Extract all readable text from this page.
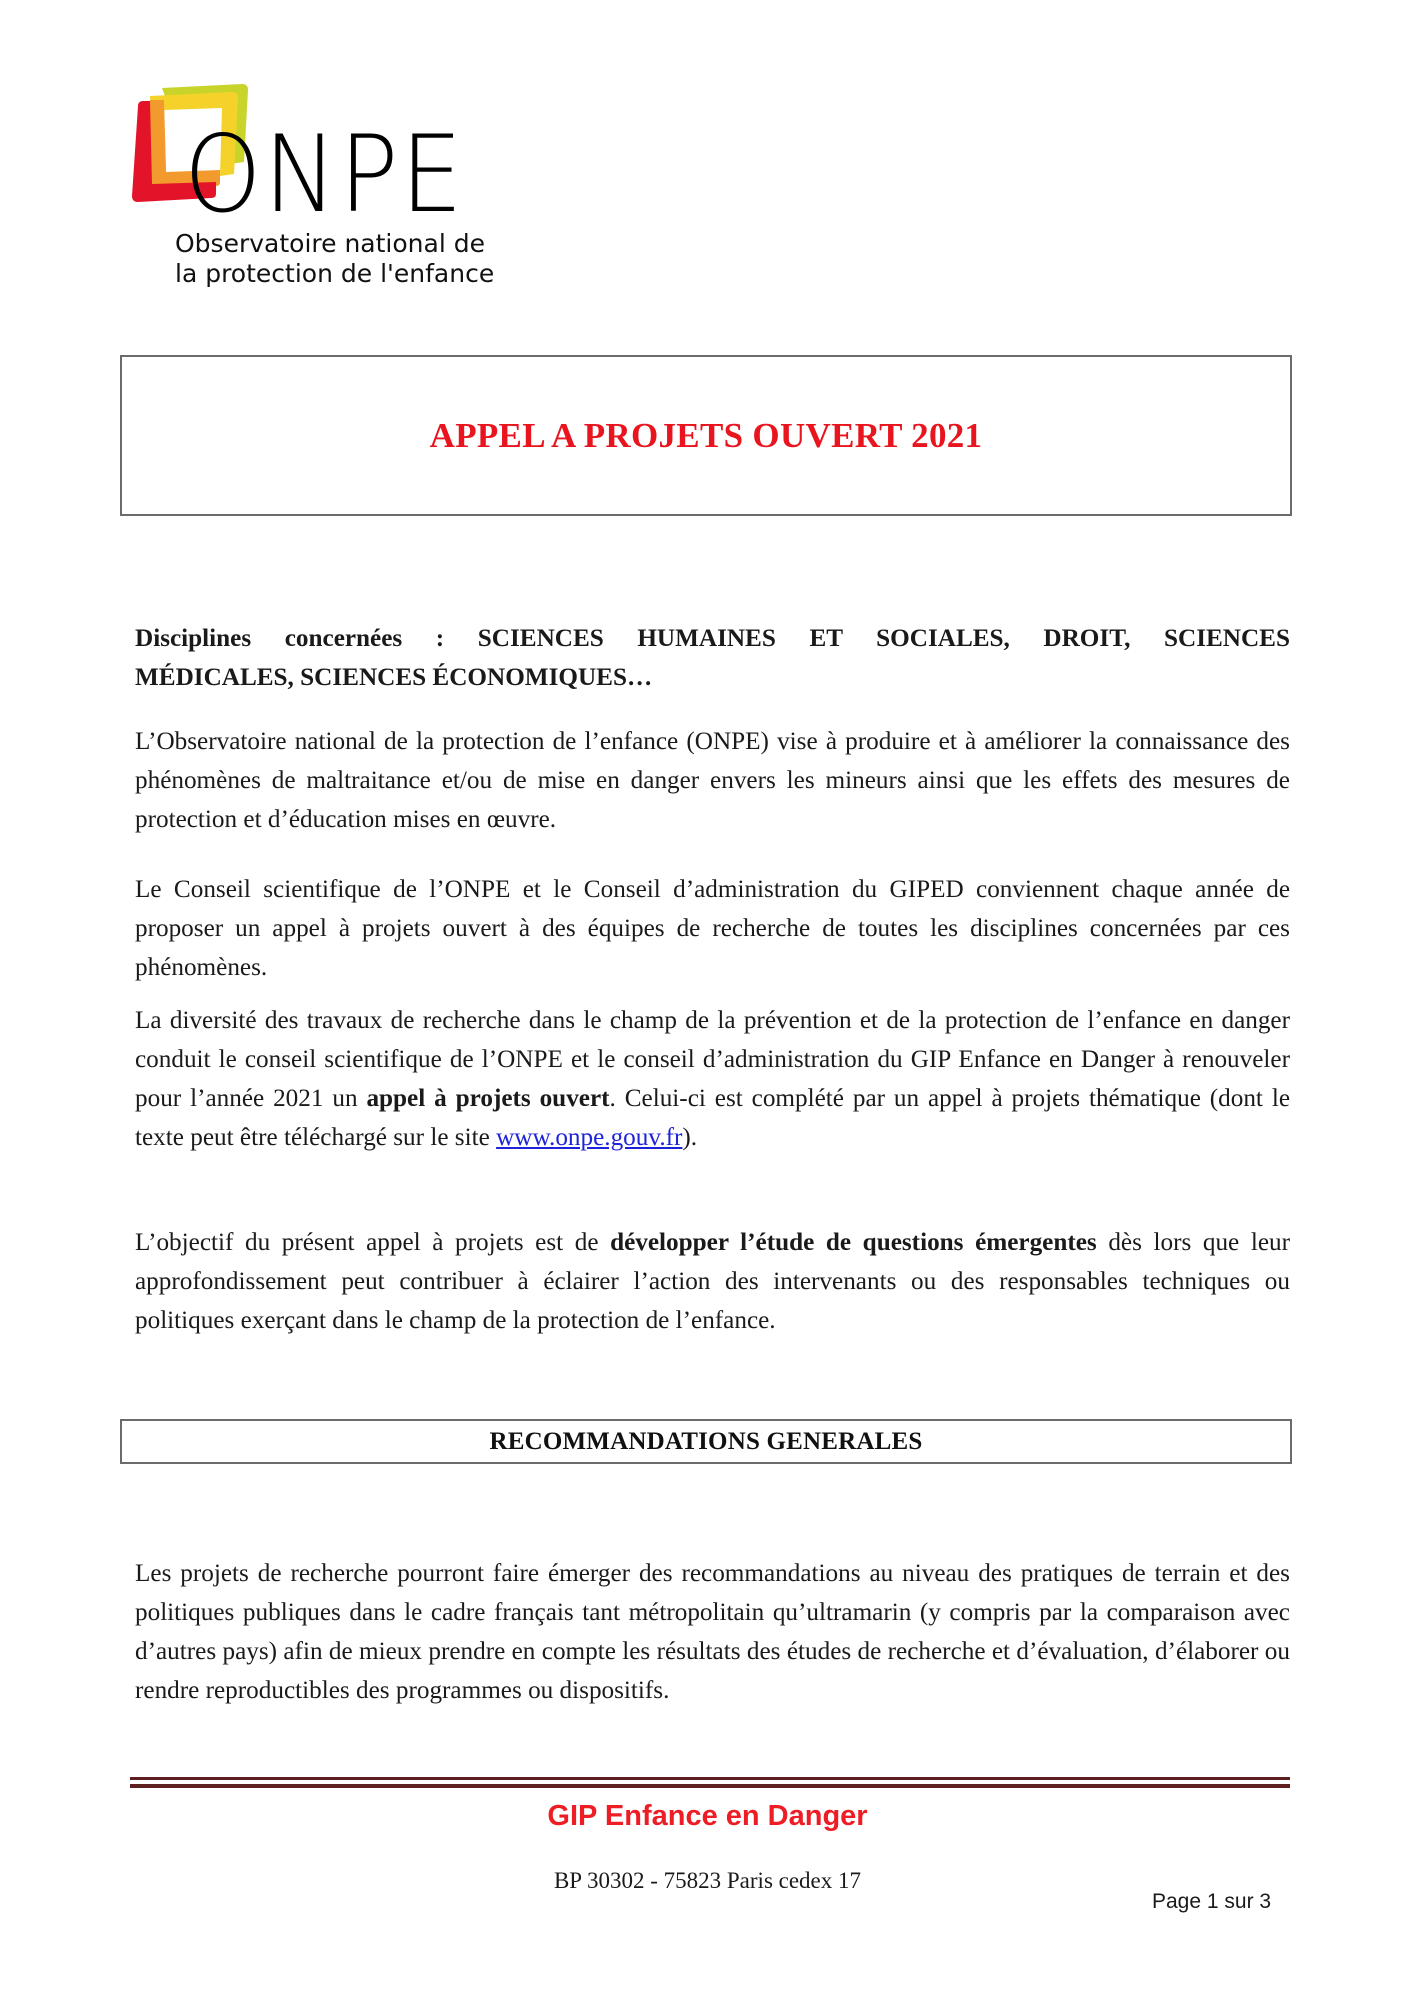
ONPE
Observatoire national de
la protection de l'enfance
APPEL A PROJETS OUVERT 2021

Disciplines concernées : SCIENCES HUMAINES ET SOCIALES, DROIT, SCIENCES

MÉDICALES, SCIENCES ÉCONOMIQUES…

L’Observatoire national de la protection de l’enfance (ONPE) vise à produire et à améliorer la connaissance des phénomènes de maltraitance et/ou de mise en danger envers les mineurs ainsi que les effets des mesures de protection et d’éducation mises en œuvre.

Le Conseil scientifique de l’ONPE et le Conseil d’administration du GIPED conviennent chaque année de proposer un appel à projets ouvert à des équipes de recherche de toutes les disciplines concernées par ces phénomènes.

La diversité des travaux de recherche dans le champ de la prévention et de la protection de l’enfance en danger conduit le conseil scientifique de l’ONPE et le conseil d’administration du GIP Enfance en Danger à renouveler pour l’année 2021 un appel à projets ouvert. Celui-ci est complété par un appel à projets thématique (dont le texte peut être téléchargé sur le site www.onpe.gouv.fr).

L’objectif du présent appel à projets est de développer l’étude de questions émergentes dès lors que leur approfondissement peut contribuer à éclairer l’action des intervenants ou des responsables techniques ou politiques exerçant dans le champ de la protection de l’enfance.

RECOMMANDATIONS GENERALES

Les projets de recherche pourront faire émerger des recommandations au niveau des pratiques de terrain et des politiques publiques dans le cadre français tant métropolitain qu’ultramarin (y compris par la comparaison avec d’autres pays) afin de mieux prendre en compte les résultats des études de recherche et d’évaluation, d’élaborer ou rendre reproductibles des programmes ou dispositifs.

GIP Enfance en Danger
BP 30302 - 75823 Paris cedex 17
Page 1 sur 3
